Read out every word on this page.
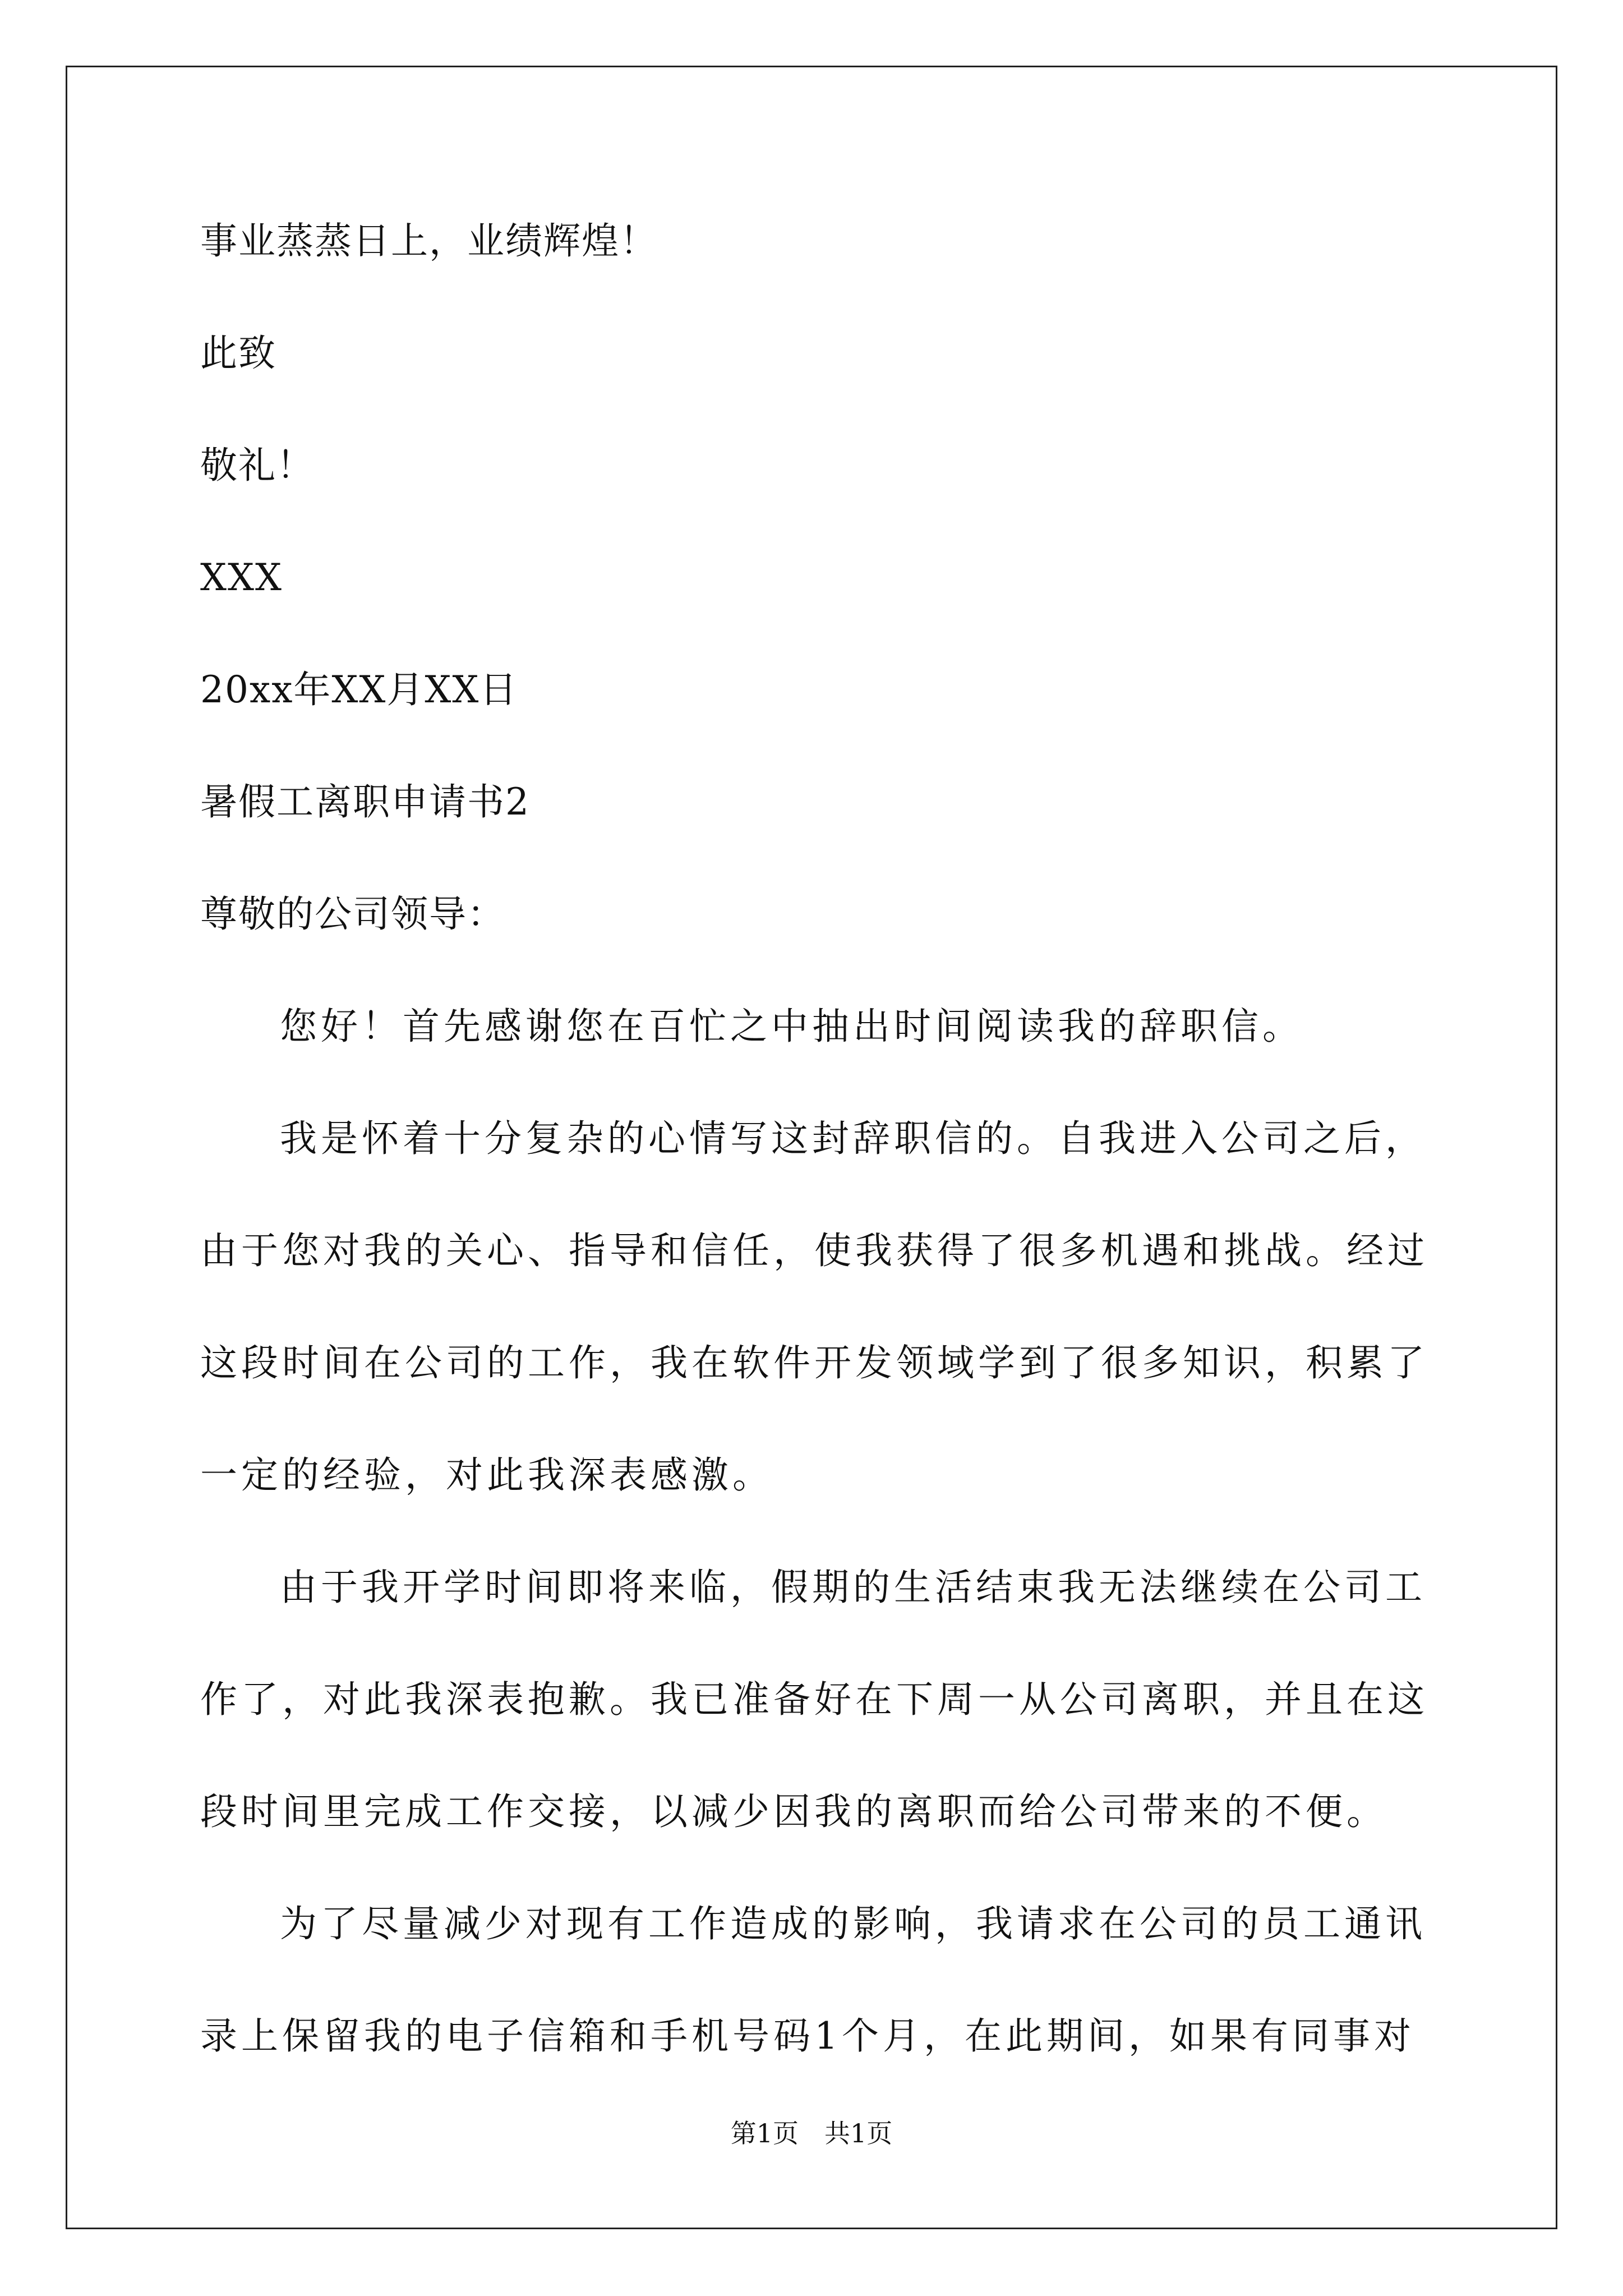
事业蒸蒸日上，业绩辉煌！
此致
敬礼！
XXX
20xx年XX月XX日
暑假工离职申请书2
尊敬的公司领导：

您好！首先感谢您在百忙之中抽出时间阅读我的辞职信。

我是怀着十分复杂的心情写这封辞职信的。自我进入公司之后，由于您对我的关心、指导和信任，使我获得了很多机遇和挑战。经过这段时间在公司的工作，我在软件开发领域学到了很多知识，积累了一定的经验，对此我深表感激。

由于我开学时间即将来临，假期的生活结束我无法继续在公司工作了，对此我深表抱歉。我已准备好在下周一从公司离职，并且在这段时间里完成工作交接，以减少因我的离职而给公司带来的不便。

为了尽量减少对现有工作造成的影响，我请求在公司的员工通讯录上保留我的电子信箱和手机号码1个月，在此期间，如果有同事对

第1页　共1页
